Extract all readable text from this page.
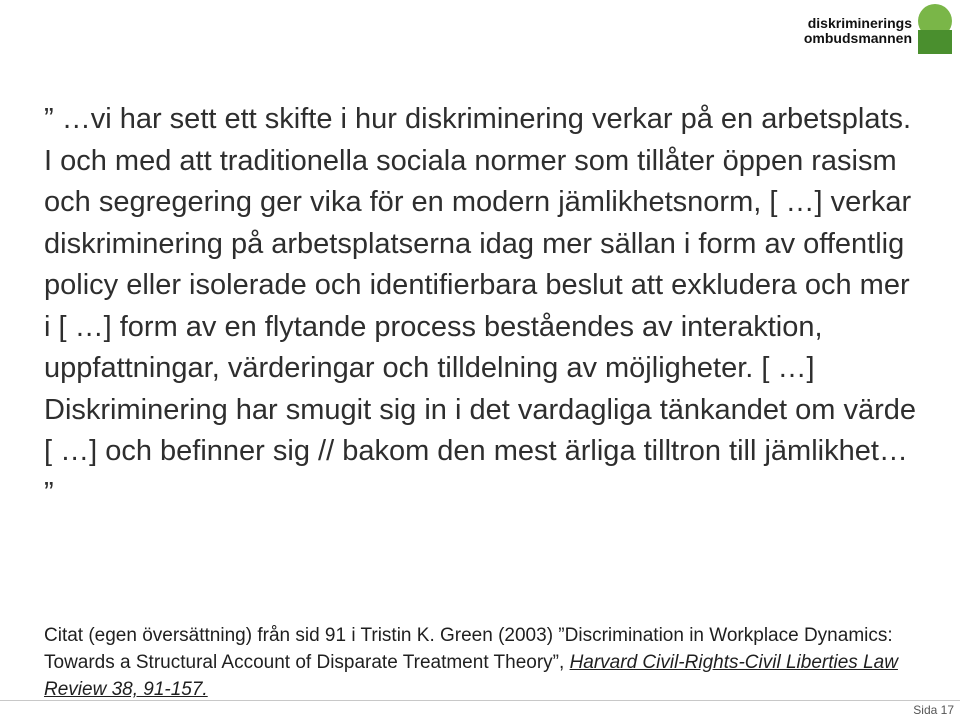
diskriminerings
ombudsmannen

” …vi har sett ett skifte i hur diskriminering verkar på en arbetsplats. I och med att traditionella sociala normer som tillåter öppen rasism och segregering ger vika för en modern jämlikhetsnorm, [ …] verkar diskriminering på arbetsplatserna idag mer sällan i form av offentlig policy eller isolerade och identifierbara beslut att exkludera och mer i [ …] form av en flytande process beståendes av interaktion, uppfattningar, värderingar och tilldelning av möjligheter. [ …] Diskriminering har smugit sig in i det vardagliga tänkandet om värde [ …] och befinner sig // bakom den mest ärliga tilltron till jämlikhet… ”

Citat (egen översättning) från sid 91 i Tristin K. Green (2003) ”Discrimination in Workplace Dynamics: Towards a Structural Account of Disparate Treatment Theory”, Harvard Civil-Rights-Civil Liberties Law Review 38, 91-157.

Sida 17
